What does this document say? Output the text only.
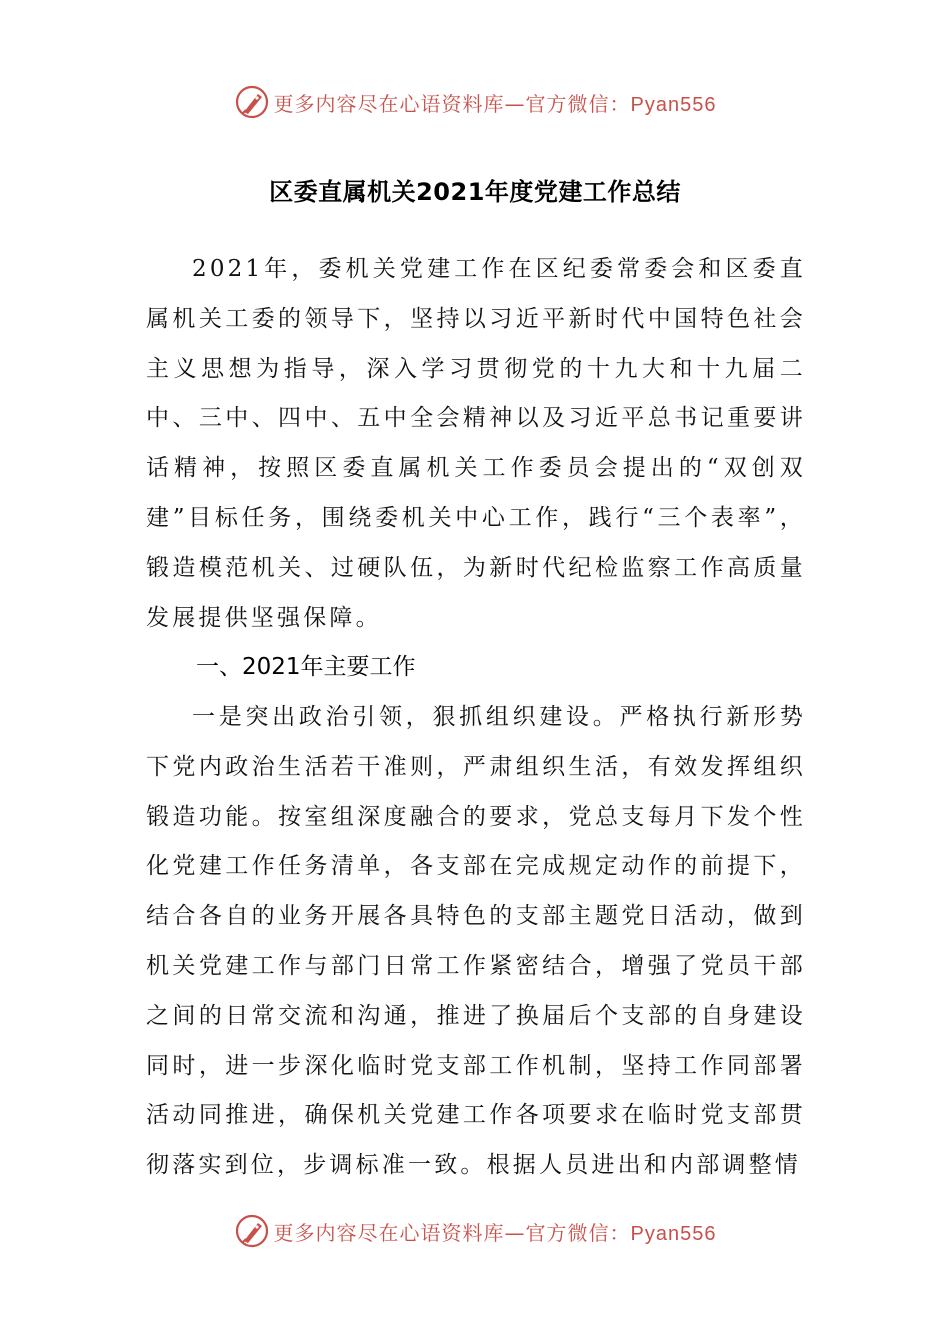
更多内容尽在心语资料库—官方微信：Pyan556
区委直属机关2021年度党建工作总结

2021年，委机关党建工作在区纪委常委会和区委直属机关工委的领导下，坚持以习近平新时代中国特色社会主义思想为指导，深入学习贯彻党的十九大和十九届二中、三中、四中、五中全会精神以及习近平总书记重要讲话精神，按照区委直属机关工作委员会提出的“双创双建”目标任务，围绕委机关中心工作，践行“三个表率”，锻造模范机关、过硬队伍，为新时代纪检监察工作高质量发展提供坚强保障。

一、2021年主要工作

一是突出政治引领，狠抓组织建设。严格执行新形势下党内政治生活若干准则，严肃组织生活，有效发挥组织锻造功能。按室组深度融合的要求，党总支每月下发个性化党建工作任务清单，各支部在完成规定动作的前提下，结合各自的业务开展各具特色的支部主题党日活动，做到机关党建工作与部门日常工作紧密结合，增强了党员干部之间的日常交流和沟通，推进了换届后个支部的自身建设同时，进一步深化临时党支部工作机制，坚持工作同部署活动同推进，确保机关党建工作各项要求在临时党支部贯彻落实到位，步调标准一致。根据人员进出和内部调整情

更多内容尽在心语资料库—官方微信：Pyan556
